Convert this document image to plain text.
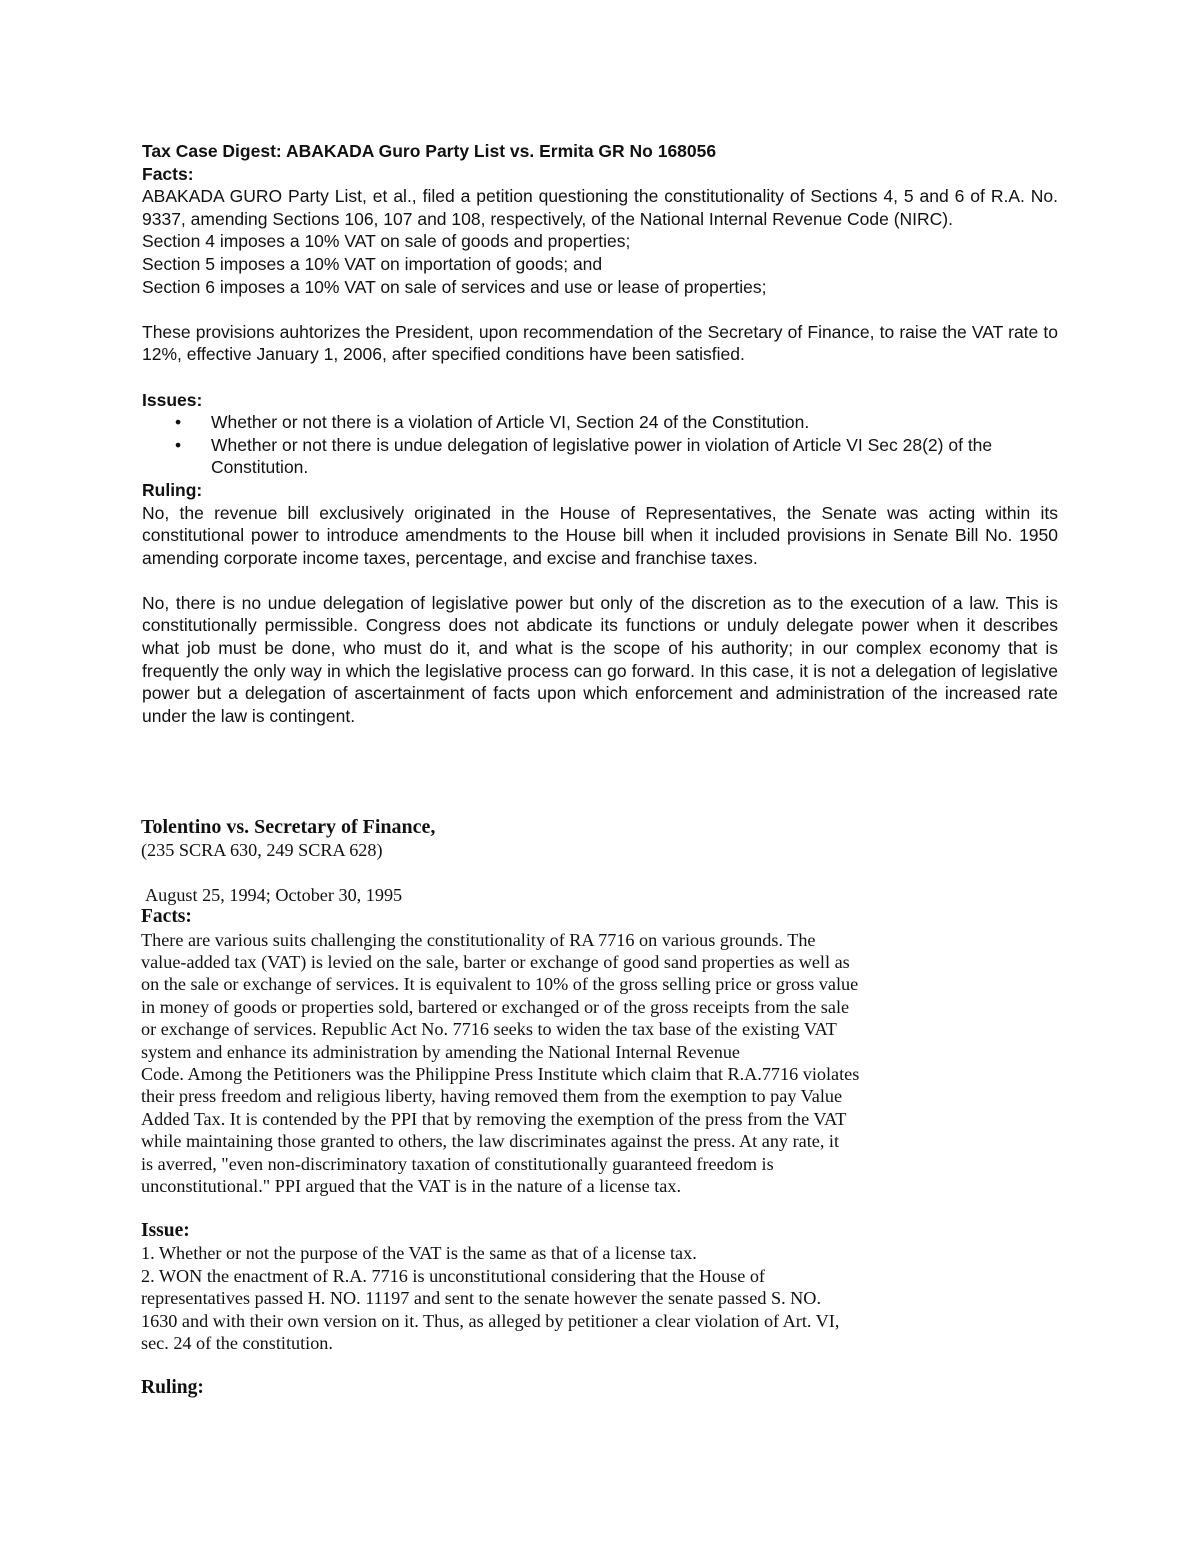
Tax Case Digest: ABAKADA Guro Party List vs. Ermita GR No 168056

Facts:

ABAKADA GURO Party List, et al., filed a petition questioning the constitutionality of Sections 4, 5 and 6 of R.A. No. 9337, amending Sections 106, 107 and 108, respectively, of the National Internal Revenue Code (NIRC).

Section 4 imposes a 10% VAT on sale of goods and properties;

Section 5 imposes a 10% VAT on importation of goods; and

Section 6 imposes a 10% VAT on sale of services and use or lease of properties;

These provisions auhtorizes the President, upon recommendation of the Secretary of Finance, to raise the VAT rate to 12%, effective January 1, 2006, after specified conditions have been satisfied.

Issues:

• Whether or not there is a violation of Article VI, Section 24 of the Constitution.
• Whether or not there is undue delegation of legislative power in violation of Article VI Sec 28(2) of the Constitution.

Ruling:

No, the revenue bill exclusively originated in the House of Representatives, the Senate was acting within its constitutional power to introduce amendments to the House bill when it included provisions in Senate Bill No. 1950 amending corporate income taxes, percentage, and excise and franchise taxes.

No, there is no undue delegation of legislative power but only of the discretion as to the execution of a law. This is constitutionally permissible. Congress does not abdicate its functions or unduly delegate power when it describes what job must be done, who must do it, and what is the scope of his authority; in our complex economy that is frequently the only way in which the legislative process can go forward. In this case, it is not a delegation of legislative power but a delegation of ascertainment of facts upon which enforcement and administration of the increased rate under the law is contingent.

Tolentino vs. Secretary of Finance,

(235 SCRA 630, 249 SCRA 628)

August 25, 1994; October 30, 1995

Facts:

There are various suits challenging the constitutionality of RA 7716 on various grounds. The

value-added tax (VAT) is levied on the sale, barter or exchange of good sand properties as well as

on the sale or exchange of services. It is equivalent to 10% of the gross selling price or gross value

in money of goods or properties sold, bartered or exchanged or of the gross receipts from the sale

or exchange of services. Republic Act No. 7716 seeks to widen the tax base of the existing VAT

system and enhance its administration by amending the National Internal Revenue

Code. Among the Petitioners was the Philippine Press Institute which claim that R.A.7716 violates

their press freedom and religious liberty, having removed them from the exemption to pay Value

Added Tax. It is contended by the PPI that by removing the exemption of the press from the VAT

while maintaining those granted to others, the law discriminates against the press. At any rate, it

is averred, "even non-discriminatory taxation of constitutionally guaranteed freedom is

unconstitutional." PPI argued that the VAT is in the nature of a license tax.

Issue:

1. Whether or not the purpose of the VAT is the same as that of a license tax.

2. WON the enactment of R.A. 7716 is unconstitutional considering that the House of

representatives passed H. NO. 11197 and sent to the senate however the senate passed S. NO.

1630 and with their own version on it. Thus, as alleged by petitioner a clear violation of Art. VI,

sec. 24 of the constitution.

Ruling:
